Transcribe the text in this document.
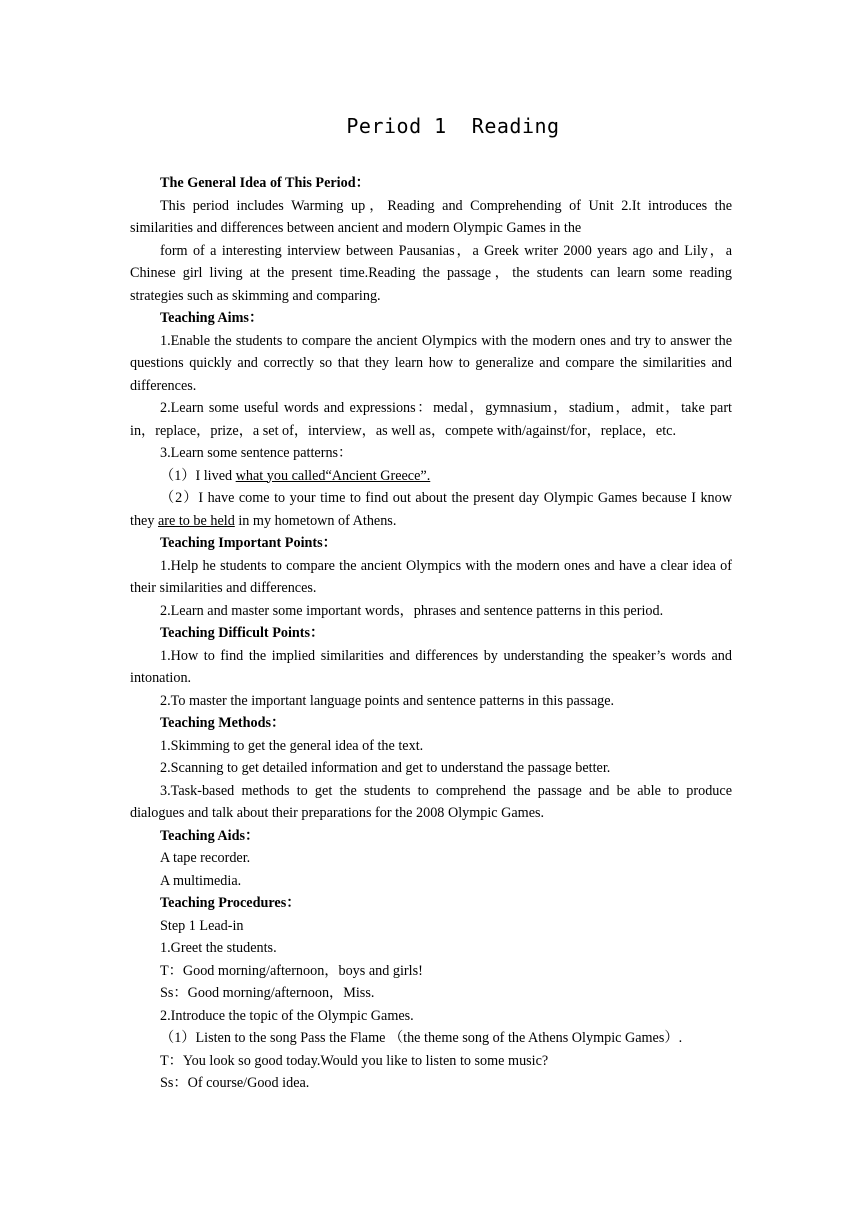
Period 1  Reading

The General Idea of This Period：

This period includes Warming up，Reading and Comprehending of Unit 2.It introduces the similarities and differences between ancient and modern Olympic Games in the

form of a interesting interview between Pausanias，a Greek writer 2000 years ago and Lily，a Chinese girl living at the present time.Reading the passage，the students can learn some reading strategies such as skimming and comparing.

Teaching Aims：

1.Enable the students to compare the ancient Olympics with the modern ones and try to answer the questions quickly and correctly so that they learn how to generalize and compare the similarities and differences.

2.Learn some useful words and expressions：medal，gymnasium，stadium，admit，take part in，replace，prize，a set of，interview，as well as，compete with/against/for，replace，etc.

3.Learn some sentence patterns：

（1）I lived what you called“Ancient Greece”.

（2）I have come to your time to find out about the present day Olympic Games because I know they are to be held in my hometown of Athens.

Teaching Important Points：

1.Help he students to compare the ancient Olympics with the modern ones and have a clear idea of their similarities and differences.

2.Learn and master some important words，phrases and sentence patterns in this period.

Teaching Difficult Points：

1.How to find the implied similarities and differences by understanding the speaker’s words and intonation.

2.To master the important language points and sentence patterns in this passage.

Teaching Methods：

1.Skimming to get the general idea of the text.

2.Scanning to get detailed information and get to understand the passage better.

3.Task-based methods to get the students to comprehend the passage and be able to produce dialogues and talk about their preparations for the 2008 Olympic Games.

Teaching Aids：

A tape recorder.

A multimedia.

Teaching Procedures：

Step 1 Lead-in

1.Greet the students.

T：Good morning/afternoon，boys and girls!

Ss：Good morning/afternoon，Miss.

2.Introduce the topic of the Olympic Games.

（1）Listen to the song Pass the Flame （the theme song of the Athens Olympic Games）.

T：You look so good today.Would you like to listen to some music?

Ss：Of course/Good idea.
